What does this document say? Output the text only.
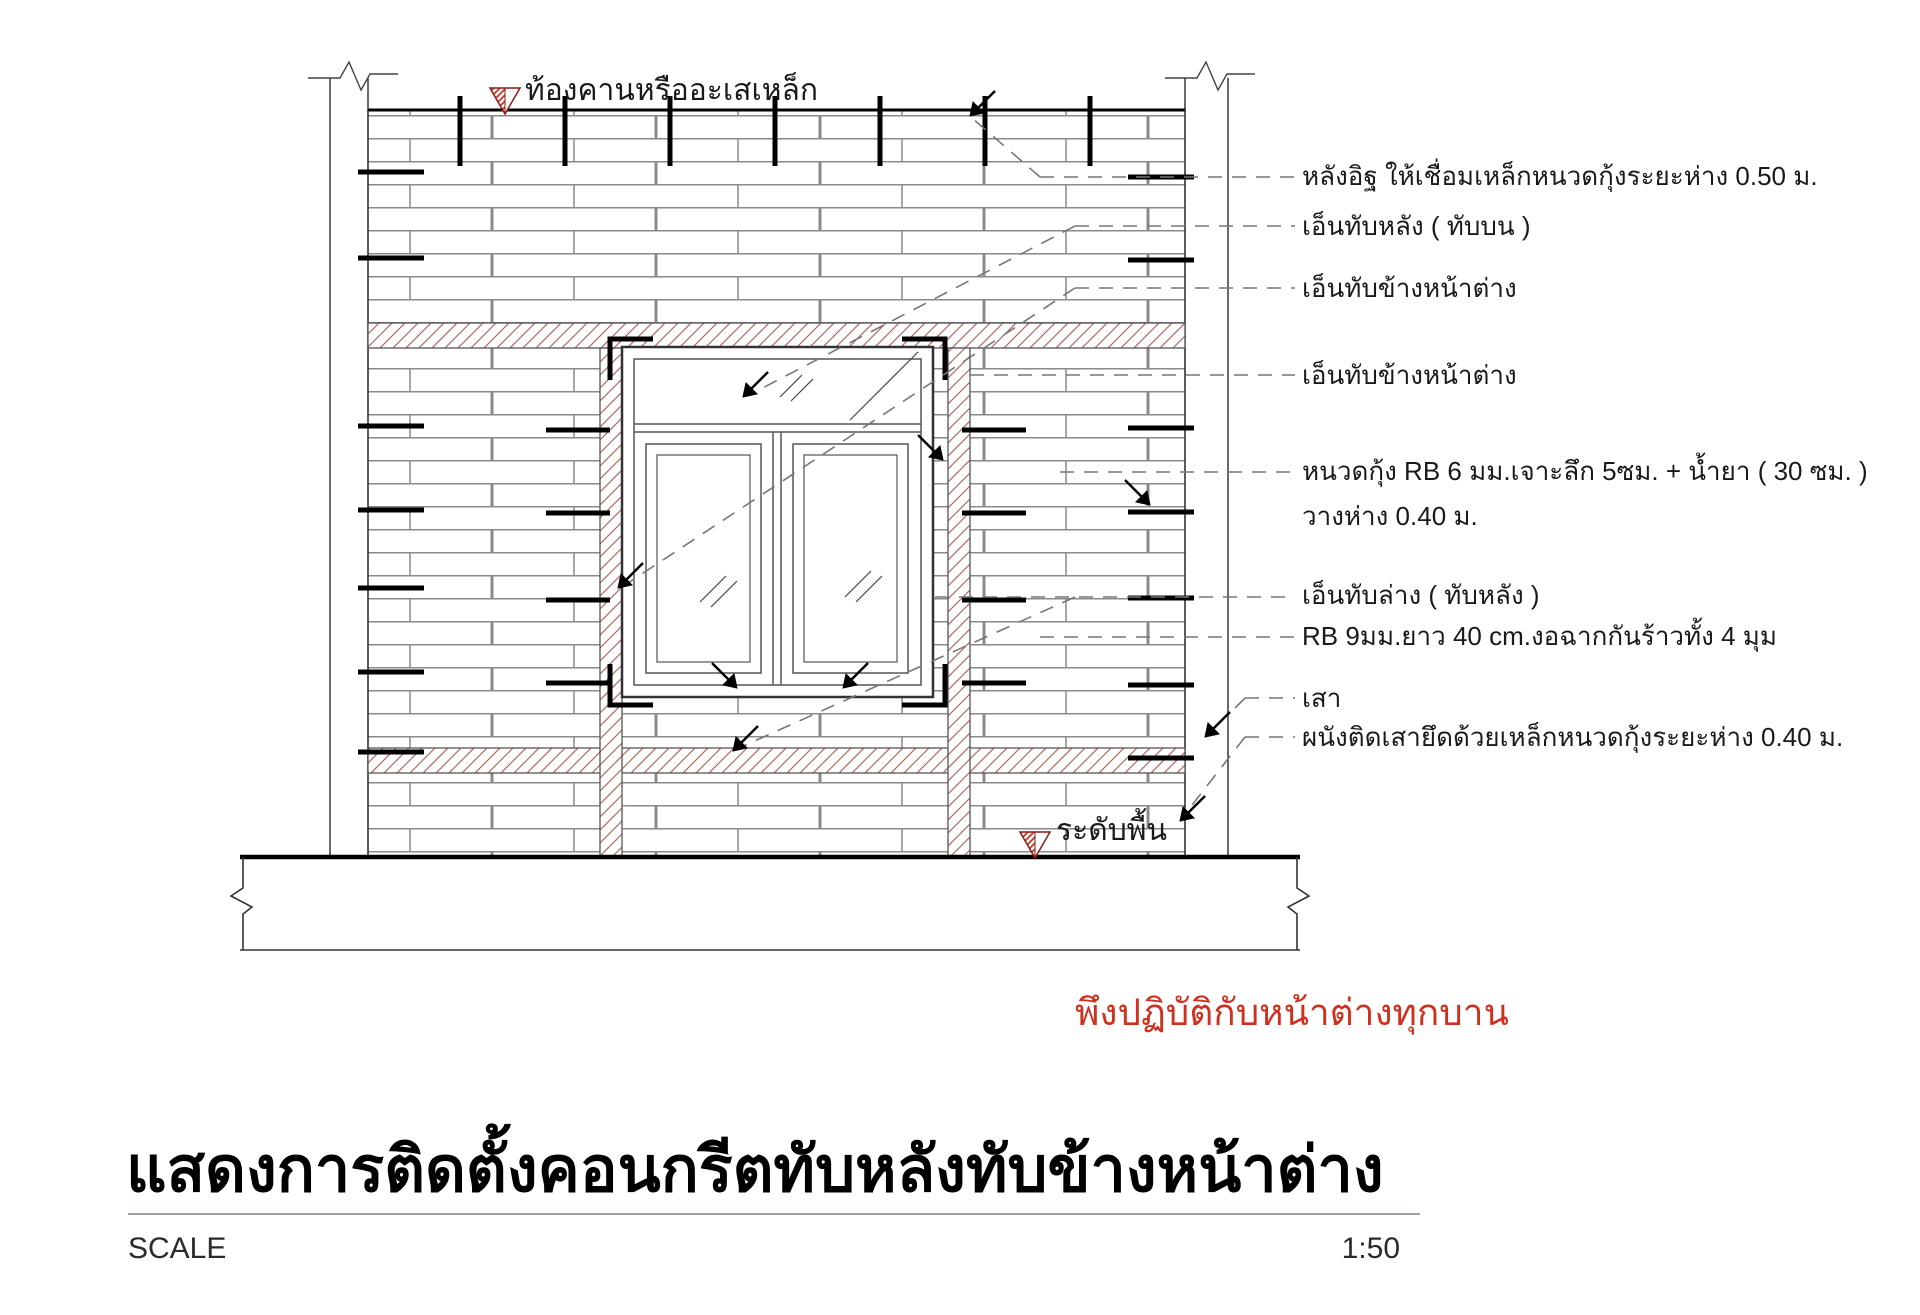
ท้องคานหรืออะเสเหล็ก
ระดับพื้น
หลังอิฐ ให้เชื่อมเหล็กหนวดกุ้งระยะห่าง 0.50 ม.
เอ็นทับหลัง ( ทับบน )
เอ็นทับข้างหน้าต่าง
เอ็นทับข้างหน้าต่าง
หนวดกุ้ง RB 6 มม.เจาะลึก 5ซม. + น้ำยา ( 30 ซม. )
วางห่าง 0.40 ม.
เอ็นทับล่าง ( ทับหลัง )
RB 9มม.ยาว 40 cm.งอฉากกันร้าวทั้ง 4 มุม
เสา
ผนังติดเสายึดด้วยเหล็กหนวดกุ้งระยะห่าง 0.40 ม.
พึงปฏิบัติกับหน้าต่างทุกบาน
แสดงการติดตั้งคอนกรีตทับหลังทับข้างหน้าต่าง
SCALE	1:50
